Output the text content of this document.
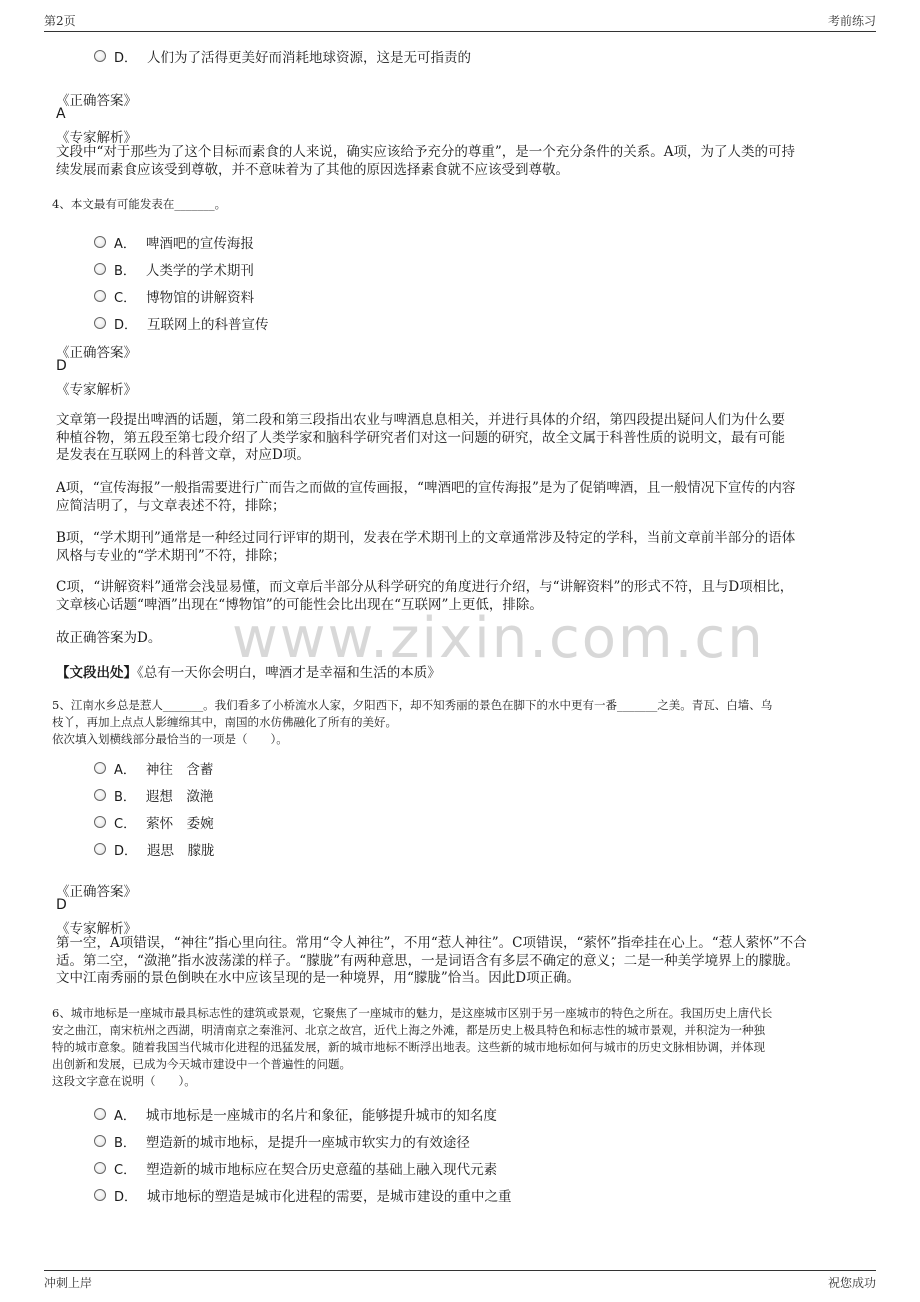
第2页	考前练习
D． 人们为了活得更美好而消耗地球资源，这是无可指责的
《正确答案》
A
《专家解析》
文段中“对于那些为了这个目标而素食的人来说，确实应该给予充分的尊重”，是一个充分条件的关系。A项，为了人类的可持
续发展而素食应该受到尊敬，并不意味着为了其他的原因选择素食就不应该受到尊敬。
4、本文最有可能发表在_______。
A． 啤酒吧的宣传海报
B． 人类学的学术期刊
C． 博物馆的讲解资料
D． 互联网上的科普宣传
《正确答案》
D
《专家解析》
文章第一段提出啤酒的话题，第二段和第三段指出农业与啤酒息息相关，并进行具体的介绍，第四段提出疑问人们为什么要
种植谷物，第五段至第七段介绍了人类学家和脑科学研究者们对这一问题的研究，故全文属于科普性质的说明文，最有可能
是发表在互联网上的科普文章，对应D项。
A项，“宣传海报”一般指需要进行广而告之而做的宣传画报，“啤酒吧的宣传海报”是为了促销啤酒，且一般情况下宣传的内容
应简洁明了，与文章表述不符，排除；
B项，“学术期刊”通常是一种经过同行评审的期刊，发表在学术期刊上的文章通常涉及特定的学科，当前文章前半部分的语体
风格与专业的“学术期刊”不符，排除；
C项，“讲解资料”通常会浅显易懂，而文章后半部分从科学研究的角度进行介绍，与“讲解资料”的形式不符，且与D项相比，
文章核心话题“啤酒”出现在“博物馆”的可能性会比出现在“互联网”上更低，排除。
故正确答案为D。	www.zixin.com.cn
【文段出处】《总有一天你会明白，啤酒才是幸福和生活的本质》
5、江南水乡总是惹人_______。我们看多了小桥流水人家，夕阳西下，却不知秀丽的景色在脚下的水中更有一番_______之美。青瓦、白墙、乌
枝丫，再加上点点人影缠绵其中，南国的水仿佛融化了所有的美好。
依次填入划横线部分最恰当的一项是（　　）。
A． 神往　含蓄
B． 遐想　潋滟
C． 萦怀　委婉
D． 遐思　朦胧
《正确答案》
D
《专家解析》
第一空，A项错误，“神往”指心里向往。常用“令人神往”，不用“惹人神往”。C项错误，“萦怀”指牵挂在心上。“惹人萦怀”不合
适。第二空，“潋滟”指水波荡漾的样子。“朦胧”有两种意思，一是词语含有多层不确定的意义；二是一种美学境界上的朦胧。
文中江南秀丽的景色倒映在水中应该呈现的是一种境界，用“朦胧”恰当。因此D项正确。
6、城市地标是一座城市最具标志性的建筑或景观，它聚焦了一座城市的魅力，是这座城市区别于另一座城市的特色之所在。我国历史上唐代长
安之曲江，南宋杭州之西湖，明清南京之秦淮河、北京之故宫，近代上海之外滩，都是历史上极具特色和标志性的城市景观，并积淀为一种独
特的城市意象。随着我国当代城市化进程的迅猛发展，新的城市地标不断浮出地表。这些新的城市地标如何与城市的历史文脉相协调，并体现
出创新和发展，已成为今天城市建设中一个普遍性的问题。
这段文字意在说明（　　）。
A． 城市地标是一座城市的名片和象征，能够提升城市的知名度
B． 塑造新的城市地标，是提升一座城市软实力的有效途径
C． 塑造新的城市地标应在契合历史意蕴的基础上融入现代元素
D． 城市地标的塑造是城市化进程的需要，是城市建设的重中之重
冲刺上岸	祝您成功
